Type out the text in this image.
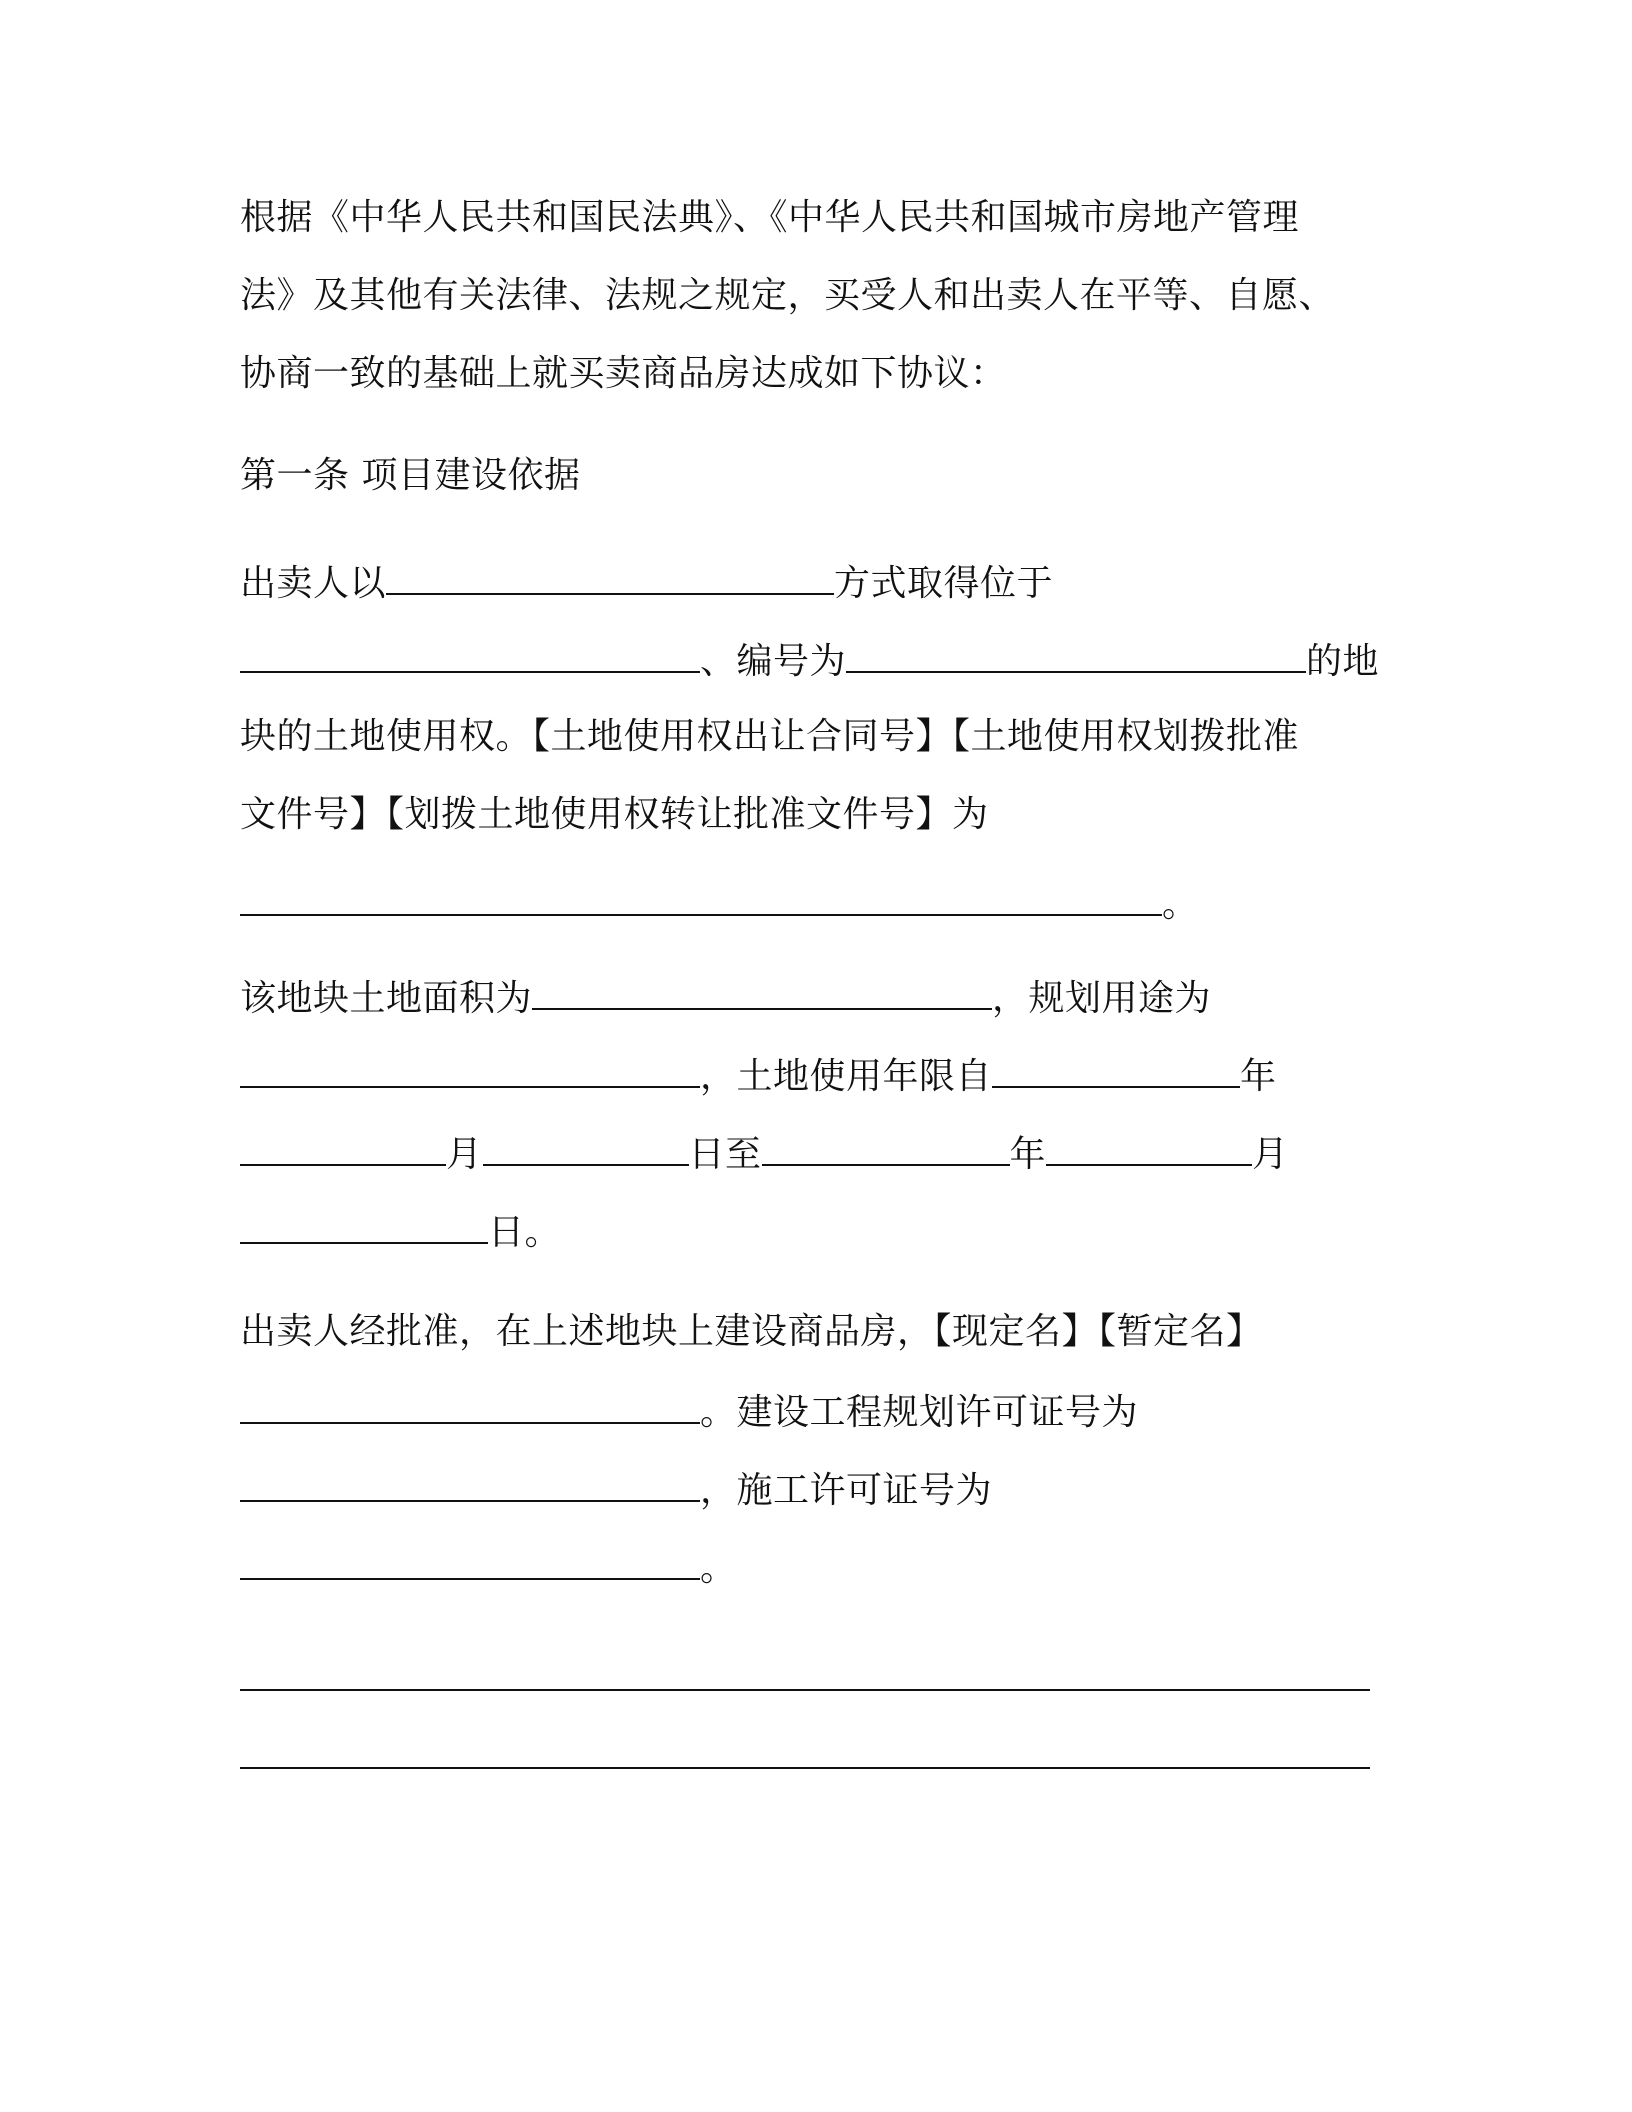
根据《中华人民共和国民法典》、《中华人民共和国城市房地产管理
法》及其他有关法律、法规之规定，买受人和出卖人在平等、自愿、
协商一致的基础上就买卖商品房达成如下协议：
第一条 项目建设依据
出卖人以	方式取得位于
、编号为	的地
块的土地使用权。【土地使用权出让合同号】【土地使用权划拨批准
文件号】【划拨土地使用权转让批准文件号】为
。
该地块土地面积为	，规划用途为
，土地使用年限自	年
月	日至	年	月
日。
出卖人经批准，在上述地块上建设商品房，【现定名】【暂定名】
。建设工程规划许可证号为
，施工许可证号为
。
